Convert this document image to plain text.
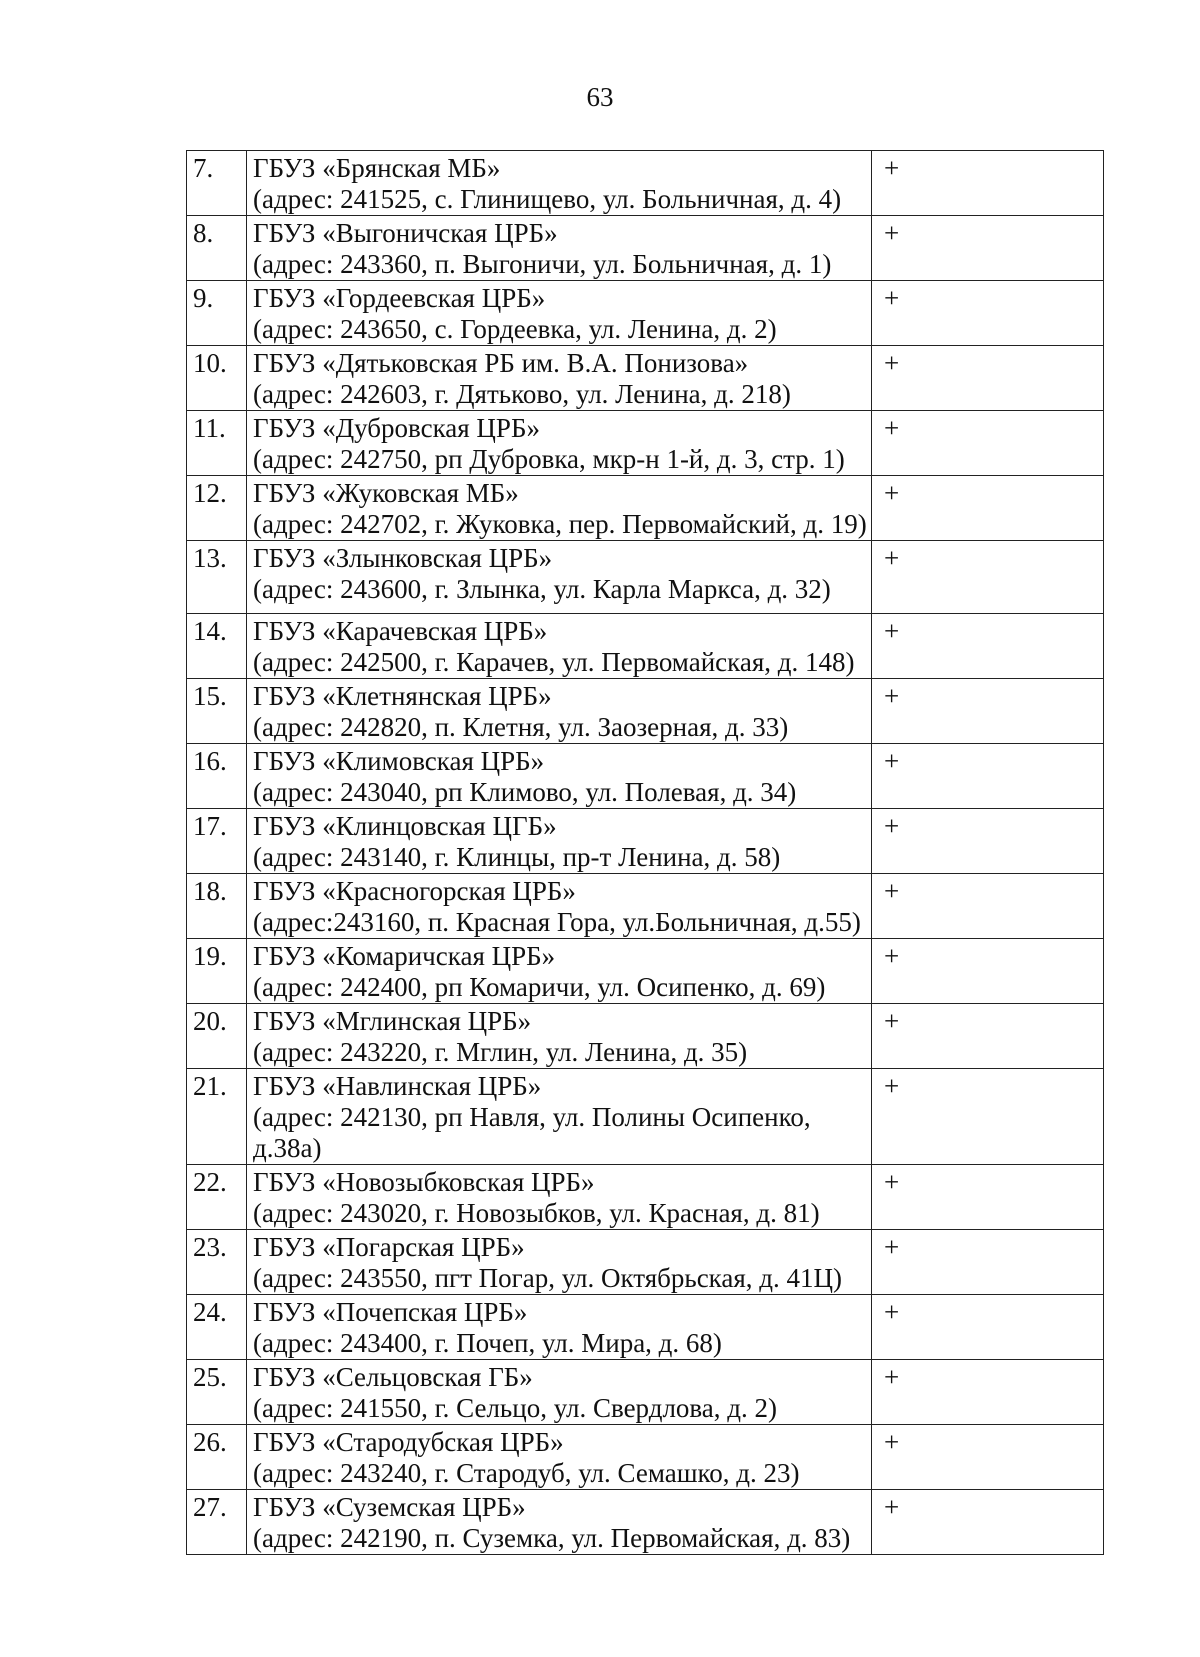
63
7.	ГБУЗ «Брянская МБ»
(адрес: 241525, с. Глинищево, ул. Больничная, д. 4)	+
8.	ГБУЗ «Выгоничская ЦРБ»
(адрес: 243360, п. Выгоничи, ул. Больничная, д. 1)	+
9.	ГБУЗ «Гордеевская ЦРБ»
(адрес: 243650, с. Гордеевка, ул. Ленина, д. 2)	+
10.	ГБУЗ «Дятьковская РБ им. В.А. Понизова»
(адрес: 242603, г. Дятьково, ул. Ленина, д. 218)	+
11.	ГБУЗ «Дубровская ЦРБ»
(адрес: 242750, рп Дубровка, мкр-н 1-й, д. 3, стр. 1)	+
12.	ГБУЗ «Жуковская МБ»
(адрес: 242702, г. Жуковка, пер. Первомайский, д. 19)	+
13.	ГБУЗ «Злынковская ЦРБ»
(адрес: 243600, г. Злынка, ул. Карла Маркса, д. 32)	+
14.	ГБУЗ «Карачевская ЦРБ»
(адрес: 242500, г. Карачев, ул. Первомайская, д. 148)	+
15.	ГБУЗ «Клетнянская ЦРБ»
(адрес: 242820, п. Клетня, ул. Заозерная, д. 33)	+
16.	ГБУЗ «Климовская ЦРБ»
(адрес: 243040, рп Климово, ул. Полевая, д. 34)	+
17.	ГБУЗ «Клинцовская ЦГБ»
(адрес: 243140, г. Клинцы, пр-т Ленина, д. 58)	+
18.	ГБУЗ «Красногорская ЦРБ»
(адрес:243160, п. Красная Гора, ул.Больничная, д.55)	+
19.	ГБУЗ «Комаричская ЦРБ»
(адрес: 242400, рп Комаричи, ул. Осипенко, д. 69)	+
20.	ГБУЗ «Мглинская ЦРБ»
(адрес: 243220, г. Мглин, ул. Ленина, д. 35)	+
21.	ГБУЗ «Навлинская ЦРБ»
(адрес: 242130, рп Навля, ул. Полины Осипенко, д.38а)	+
22.	ГБУЗ «Новозыбковская ЦРБ»
(адрес: 243020, г. Новозыбков, ул. Красная, д. 81)	+
23.	ГБУЗ «Погарская ЦРБ»
(адрес: 243550, пгт Погар, ул. Октябрьская, д. 41Ц)	+
24.	ГБУЗ «Почепская ЦРБ»
(адрес: 243400, г. Почеп, ул. Мира, д. 68)	+
25.	ГБУЗ «Сельцовская ГБ»
(адрес: 241550, г. Сельцо, ул. Свердлова, д. 2)	+
26.	ГБУЗ «Стародубская ЦРБ»
(адрес: 243240, г. Стародуб, ул. Семашко, д. 23)	+
27.	ГБУЗ «Суземская ЦРБ»
(адрес: 242190, п. Суземка, ул. Первомайская, д. 83)	+
